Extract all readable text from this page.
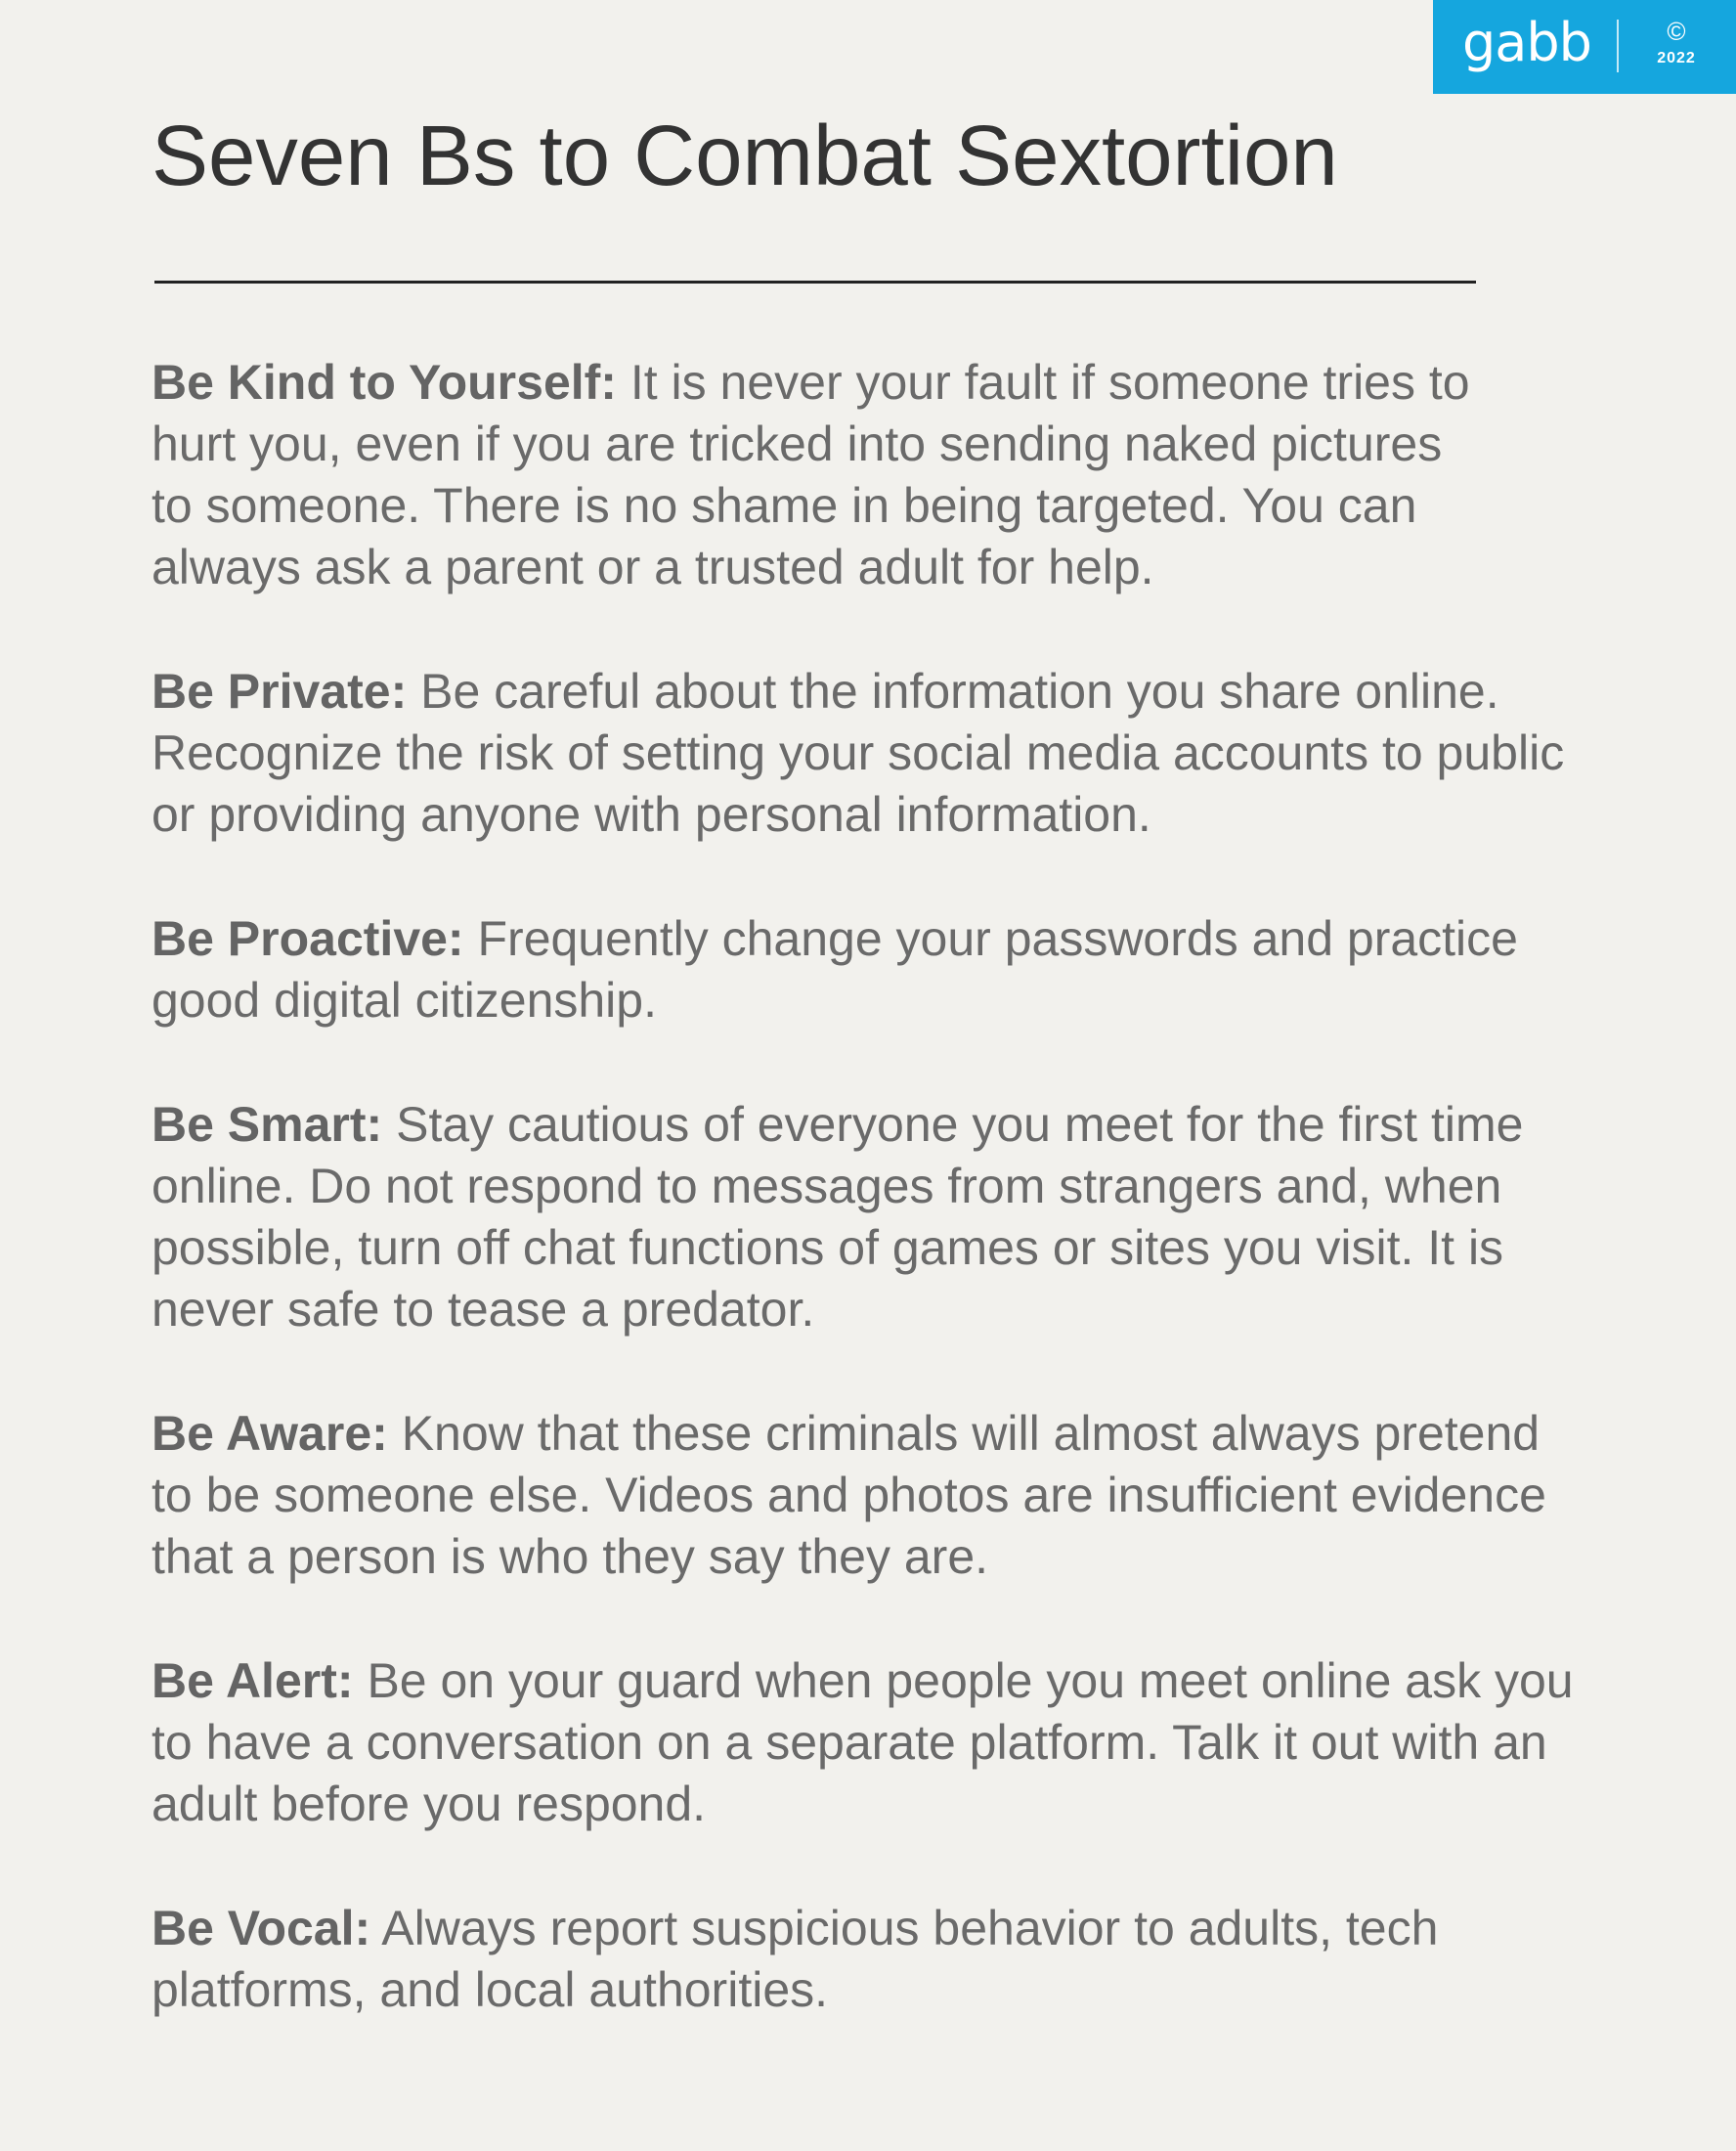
gabb	©
2022
Seven Bs to Combat Sextortion
Be Kind to Yourself: It is never your fault if someone tries to
hurt you, even if you are tricked into sending naked pictures
to someone. There is no shame in being targeted. You can
always ask a parent or a trusted adult for help.
Be Private: Be careful about the information you share online.
Recognize the risk of setting your social media accounts to public
or providing anyone with personal information.
Be Proactive: Frequently change your passwords and practice
good digital citizenship.
Be Smart: Stay cautious of everyone you meet for the first time
online. Do not respond to messages from strangers and, when
possible, turn off chat functions of games or sites you visit. It is
never safe to tease a predator.
Be Aware: Know that these criminals will almost always pretend
to be someone else. Videos and photos are insufficient evidence
that a person is who they say they are.
Be Alert: Be on your guard when people you meet online ask you
to have a conversation on a separate platform. Talk it out with an
adult before you respond.
Be Vocal: Always report suspicious behavior to adults, tech
platforms, and local authorities.
